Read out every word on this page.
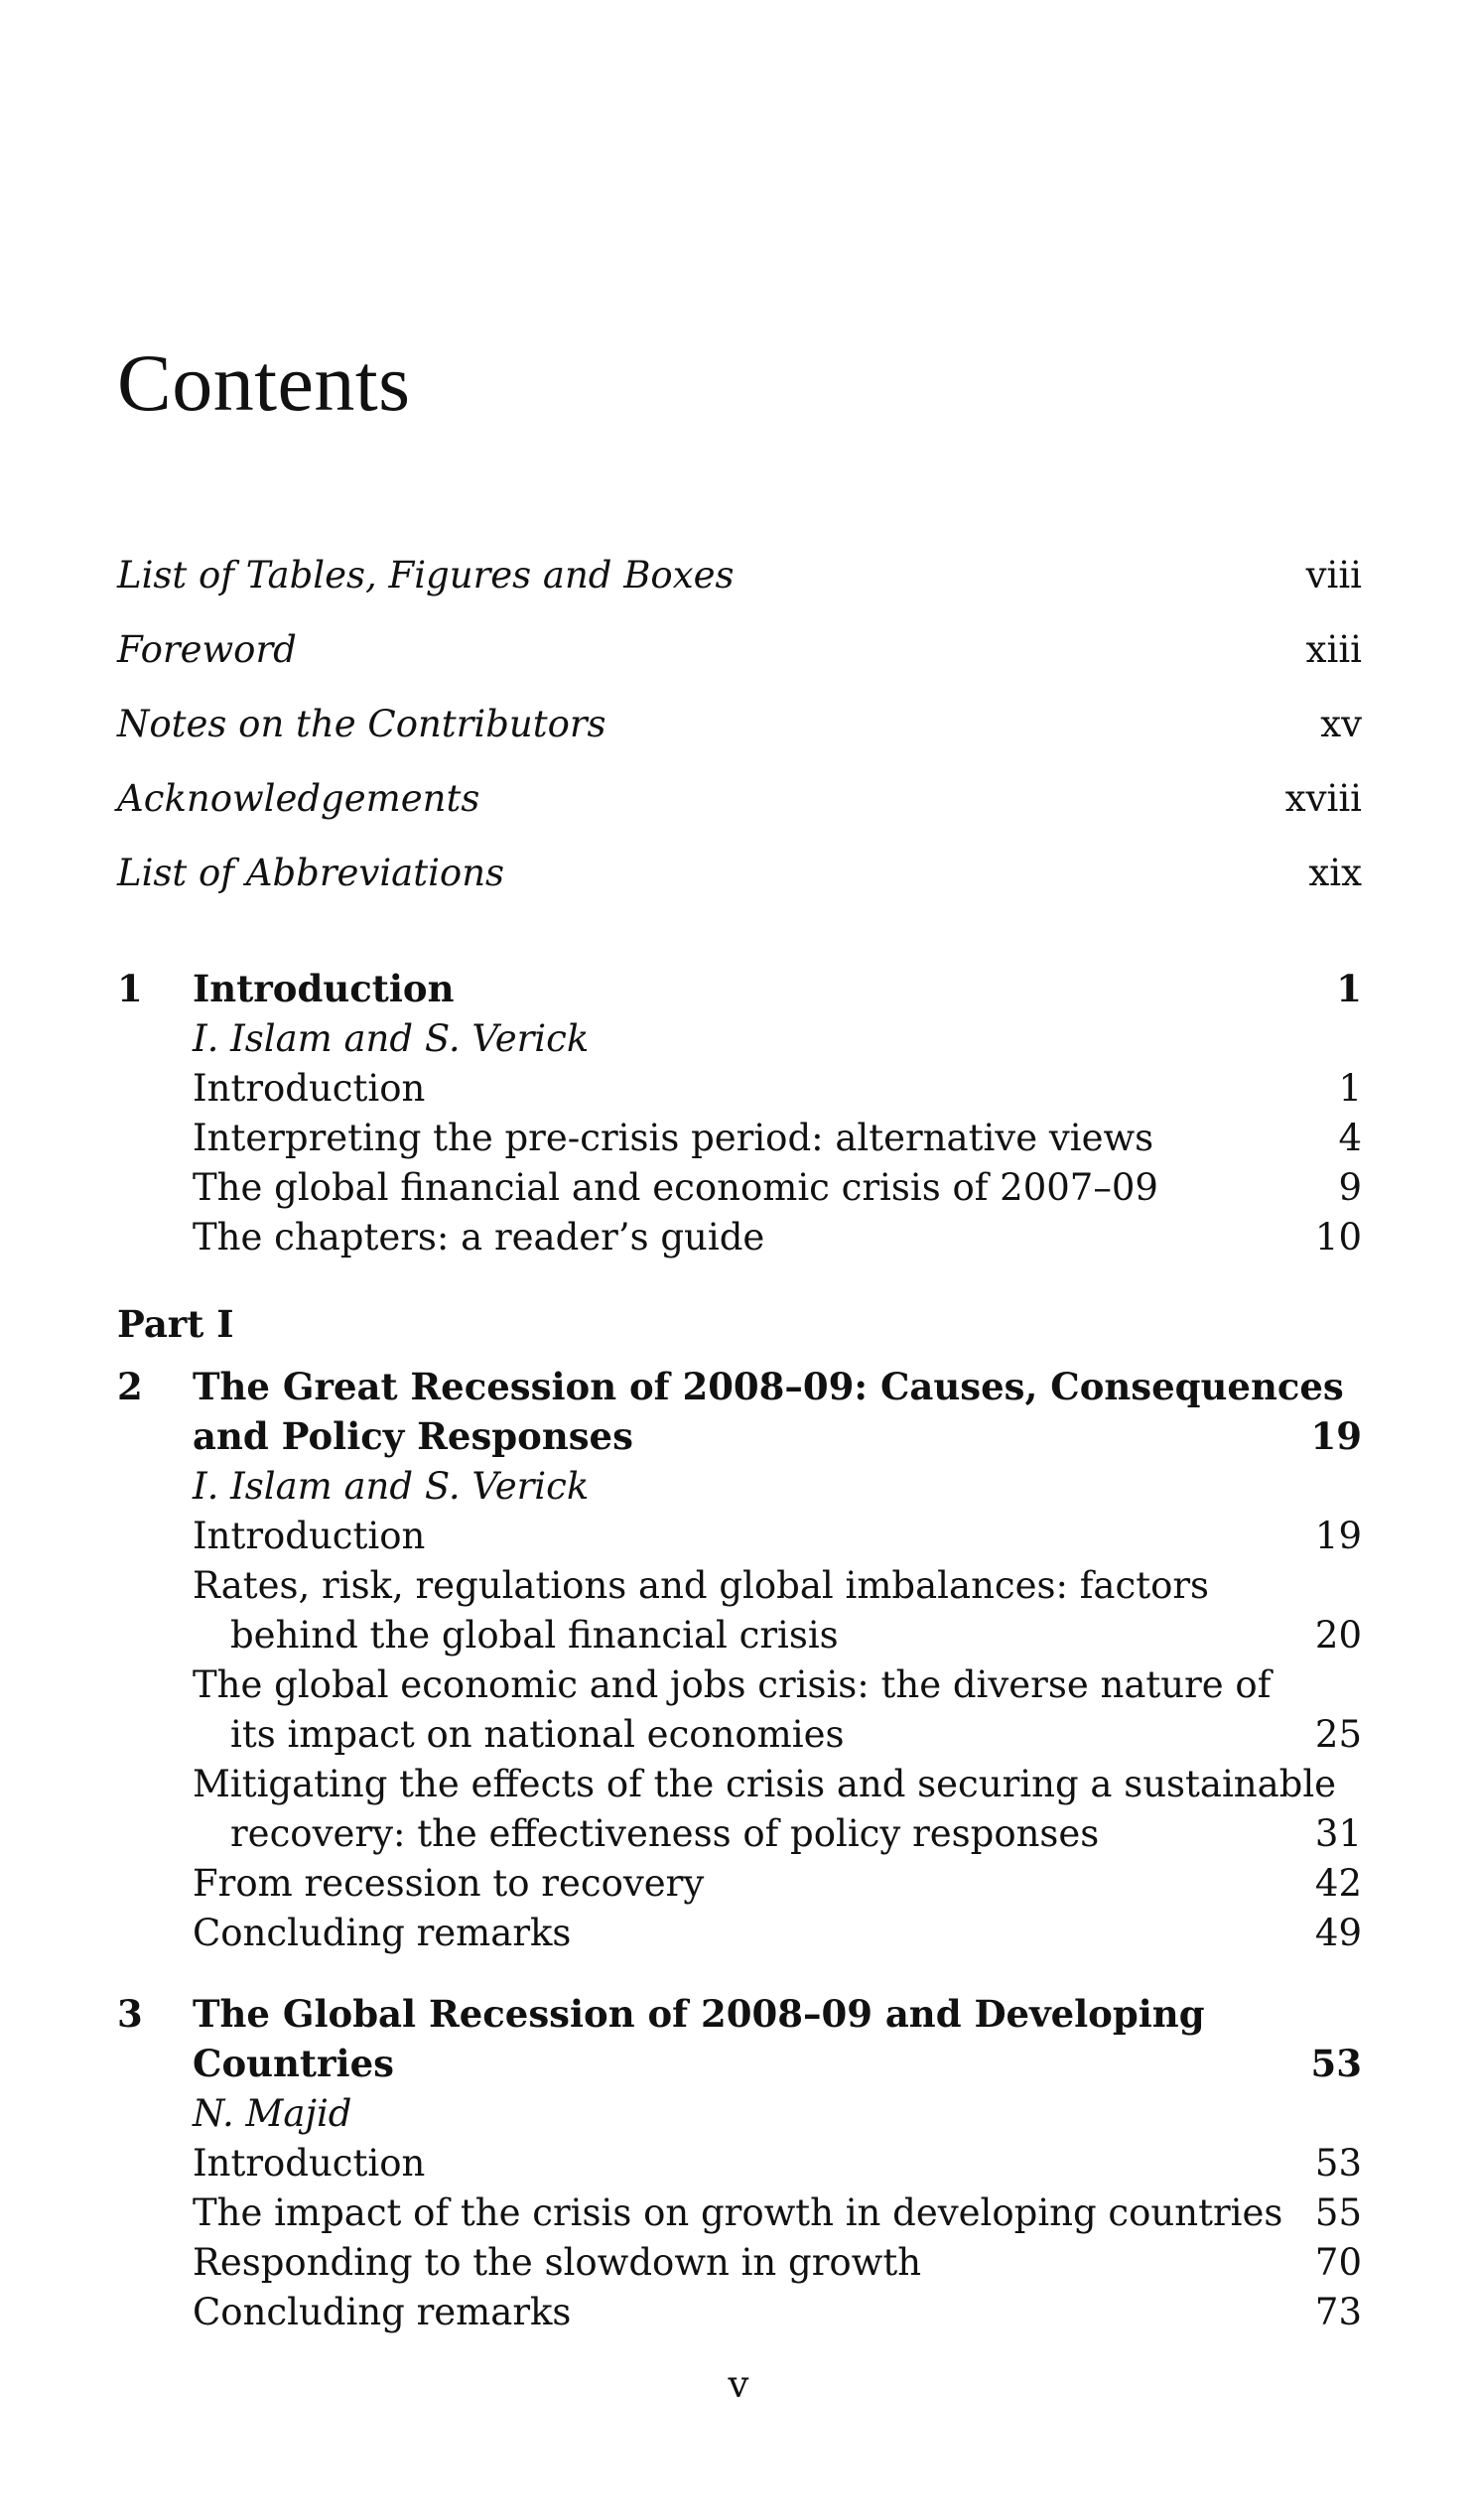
Contents
List of Tables, Figures and Boxes	viii
Foreword	xiii
Notes on the Contributors	xv
Acknowledgements	xviii
List of Abbreviations	xix
1 Introduction	1
I. Islam and S. Verick
Introduction	1
Interpreting the pre-crisis period: alternative views	4
The global financial and economic crisis of 2007–09	9
The chapters: a reader’s guide	10
Part I
2 The Great Recession of 2008–09: Causes, Consequences
and Policy Responses	19
I. Islam and S. Verick
Introduction	19
Rates, risk, regulations and global imbalances: factors
behind the global financial crisis	20
The global economic and jobs crisis: the diverse nature of
its impact on national economies	25
Mitigating the effects of the crisis and securing a sustainable
recovery: the effectiveness of policy responses	31
From recession to recovery	42
Concluding remarks	49
3 The Global Recession of 2008–09 and Developing
Countries	53
N. Majid
Introduction	53
The impact of the crisis on growth in developing countries 55
Responding to the slowdown in growth	70
Concluding remarks	73
v
